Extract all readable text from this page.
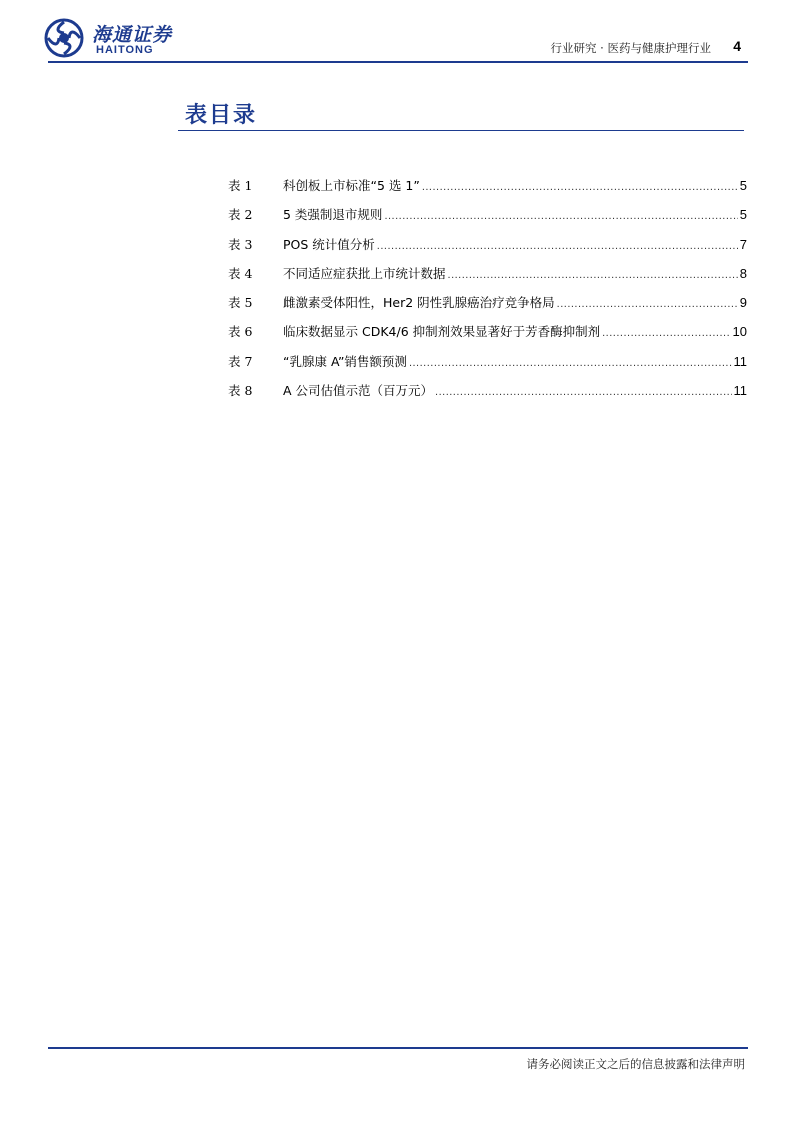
海通证券
HAITONG	行业研究 · 医药与健康护理行业 4
表目录
表 1	科创板上市标准“5 选 1” .....	5
表 2	5 类强制退市规则 .....	5
表 3	POS 统计值分析 .....	7
表 4	不同适应症获批上市统计数据 .....	8
表 5	雌激素受体阳性，Her2 阴性乳腺癌治疗竞争格局 .....	9
表 6	临床数据显示 CDK4/6 抑制剂效果显著好于芳香酶抑制剂 .....	10
表 7	“乳腺康 A”销售额预测 .....	11
表 8	A 公司估值示范（百万元） .....	11
请务必阅读正文之后的信息披露和法律声明
